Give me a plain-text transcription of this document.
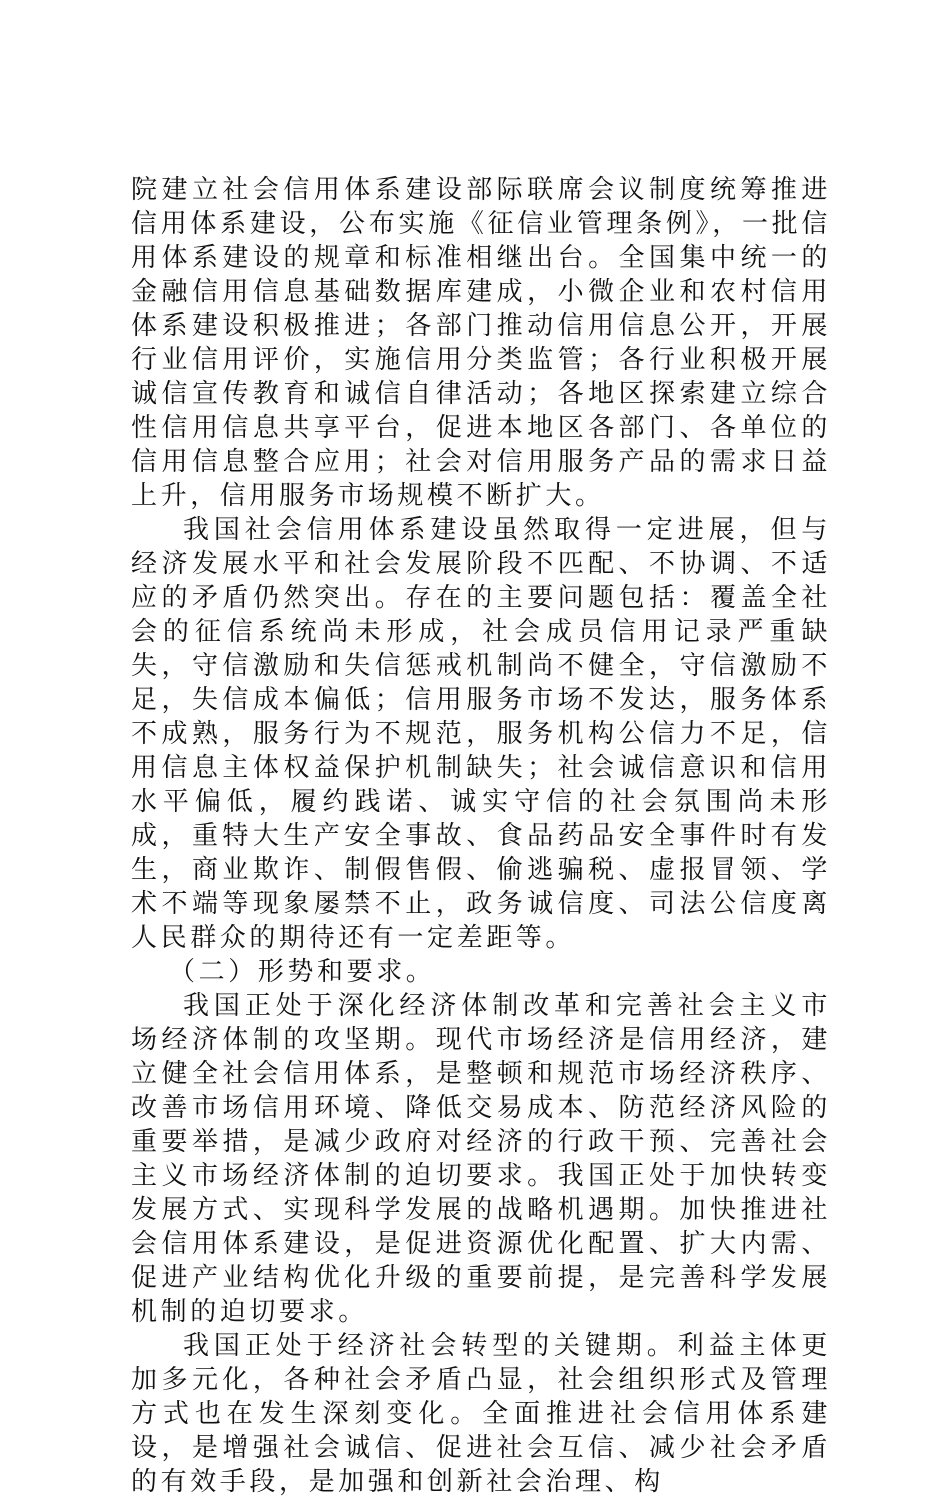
院建立社会信用体系建设部际联席会议制度统筹推进信用体系建设，公布实施《征信业管理条例》，一批信用体系建设的规章和标准相继出台。全国集中统一的金融信用信息基础数据库建成，小微企业和农村信用体系建设积极推进；各部门推动信用信息公开，开展行业信用评价，实施信用分类监管；各行业积极开展诚信宣传教育和诚信自律活动；各地区探索建立综合性信用信息共享平台，促进本地区各部门、各单位的信用信息整合应用；社会对信用服务产品的需求日益上升，信用服务市场规模不断扩大。

我国社会信用体系建设虽然取得一定进展，但与经济发展水平和社会发展阶段不匹配、不协调、不适应的矛盾仍然突出。存在的主要问题包括：覆盖全社会的征信系统尚未形成，社会成员信用记录严重缺失，守信激励和失信惩戒机制尚不健全，守信激励不足，失信成本偏低；信用服务市场不发达，服务体系不成熟，服务行为不规范，服务机构公信力不足，信用信息主体权益保护机制缺失；社会诚信意识和信用水平偏低，履约践诺、诚实守信的社会氛围尚未形成，重特大生产安全事故、食品药品安全事件时有发生，商业欺诈、制假售假、偷逃骗税、虚报冒领、学术不端等现象屡禁不止，政务诚信度、司法公信度离人民群众的期待还有一定差距等。

（二）形势和要求。

我国正处于深化经济体制改革和完善社会主义市场经济体制的攻坚期。现代市场经济是信用经济，建立健全社会信用体系，是整顿和规范市场经济秩序、改善市场信用环境、降低交易成本、防范经济风险的重要举措，是减少政府对经济的行政干预、完善社会主义市场经济体制的迫切要求。我国正处于加快转变发展方式、实现科学发展的战略机遇期。加快推进社会信用体系建设，是促进资源优化配置、扩大内需、促进产业结构优化升级的重要前提，是完善科学发展机制的迫切要求。

我国正处于经济社会转型的关键期。利益主体更加多元化，各种社会矛盾凸显，社会组织形式及管理方式也在发生深刻变化。全面推进社会信用体系建设，是增强社会诚信、促进社会互信、减少社会矛盾的有效手段，是加强和创新社会治理、构
